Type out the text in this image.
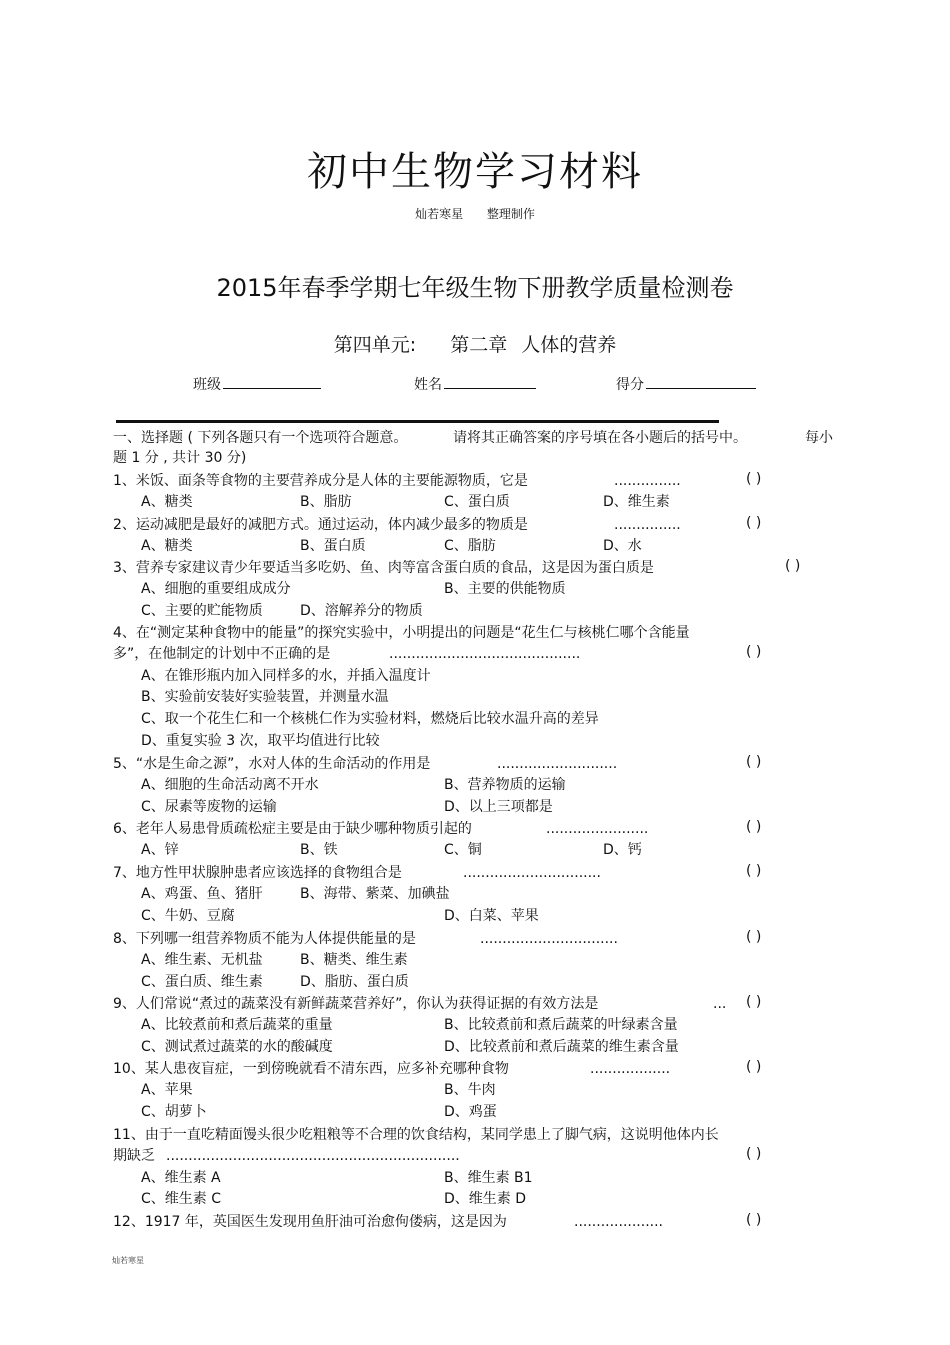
初中生物学习材料
灿若寒星 整理制作
2015年春季学期七年级生物下册教学质量检测卷
第四单元: 第二章 人体的营养
班级	姓名	得分
一、选择题 ( 下列各题只有一个选项符合题意。	请将其正确答案的序号填在各小题后的括号中。	每小
题 1 分 , 共计 30 分)
1、米饭、面条等食物的主要营养成分是人体的主要能源物质，它是	...............	( )
A、糖类	B、脂肪	C、蛋白质	D、维生素
2、运动减肥是最好的减肥方式。通过运动，体内减少最多的物质是	...............	( )
A、糖类	B、蛋白质	C、脂肪	D、水
3、营养专家建议青少年要适当多吃奶、鱼、肉等富含蛋白质的食品，这是因为蛋白质是	( )
A、细胞的重要组成成分	B、主要的供能物质
C、主要的贮能物质	D、溶解养分的物质
4、在“测定某种食物中的能量”的探究实验中，小明提出的问题是“花生仁与核桃仁哪个含能量
多”，在他制定的计划中不正确的是	...........................................	( )
A、在锥形瓶内加入同样多的水，并插入温度计
B、实验前安装好实验装置，并测量水温
C、取一个花生仁和一个核桃仁作为实验材料，燃烧后比较水温升高的差异
D、重复实验 3 次，取平均值进行比较
5、“水是生命之源”，水对人体的生命活动的作用是	...........................	( )
A、细胞的生命活动离不开水	B、营养物质的运输
C、尿素等废物的运输	D、以上三项都是
6、老年人易患骨质疏松症主要是由于缺少哪种物质引起的	.......................	( )
A、锌	B、铁	C、铜	D、钙
7、地方性甲状腺肿患者应该选择的食物组合是	...............................	( )
A、鸡蛋、鱼、猪肝	B、海带、紫菜、加碘盐
C、牛奶、豆腐	D、白菜、苹果
8、下列哪一组营养物质不能为人体提供能量的是	...............................	( )
A、维生素、无机盐	B、糖类、维生素
C、蛋白质、维生素	D、脂肪、蛋白质
9、人们常说“煮过的蔬菜没有新鲜蔬菜营养好”，你认为获得证据的有效方法是	... ( )
A、比较煮前和煮后蔬菜的重量	B、比较煮前和煮后蔬菜的叶绿素含量
C、测试煮过蔬菜的水的酸碱度	D、比较煮前和煮后蔬菜的维生素含量
10、某人患夜盲症，一到傍晚就看不清东西，应多补充哪种食物	..................	( )
A、苹果	B、牛肉
C、胡萝卜	D、鸡蛋
11、由于一直吃精面馒头很少吃粗粮等不合理的饮食结构，某同学患上了脚气病，这说明他体内长
期缺乏 ..................................................................	( )
A、维生素 A	B、维生素 B1
C、维生素 C	D、维生素 D
12、1917 年，英国医生发现用鱼肝油可治愈佝偻病，这是因为	....................	( )
灿若寒星
